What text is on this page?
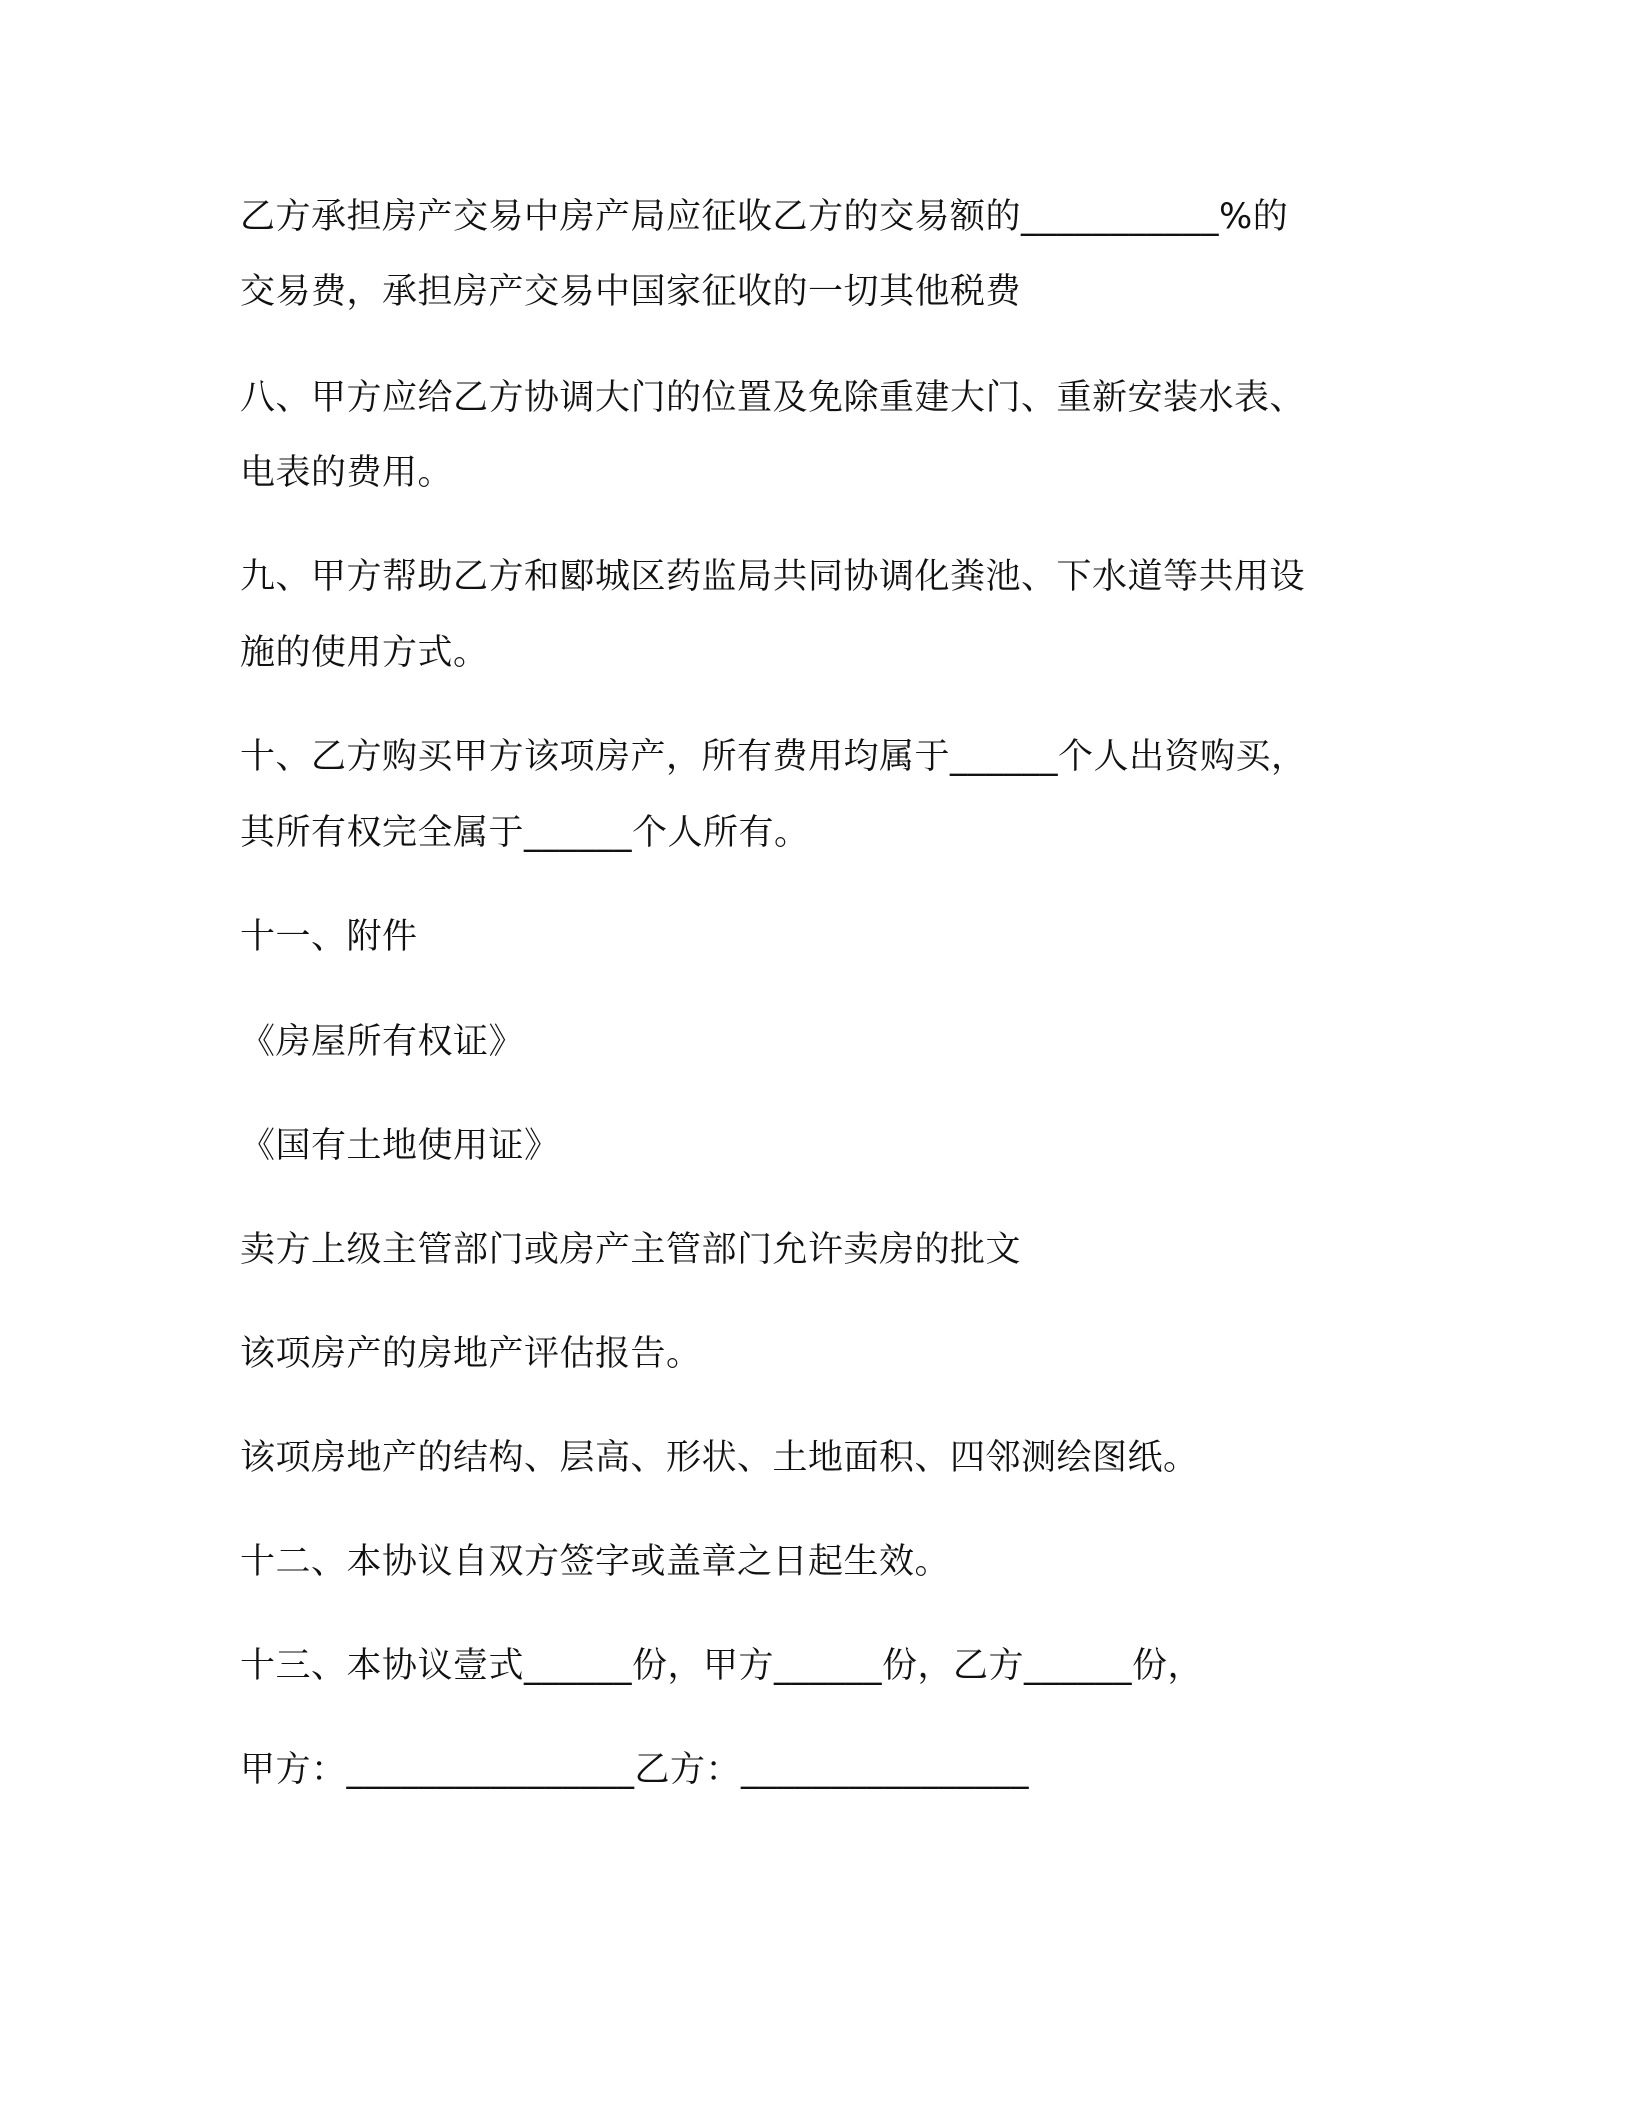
乙方承担房产交易中房产局应征收乙方的交易额的___________%的
交易费，承担房产交易中国家征收的一切其他税费
八、甲方应给乙方协调大门的位置及免除重建大门、重新安装水表、
电表的费用。
九、甲方帮助乙方和郾城区药监局共同协调化粪池、下水道等共用设
施的使用方式。
十、乙方购买甲方该项房产，所有费用均属于______个人出资购买，
其所有权完全属于______个人所有。
十一、附件
《房屋所有权证》
《国有土地使用证》
卖方上级主管部门或房产主管部门允许卖房的批文
该项房产的房地产评估报告。
该项房地产的结构、层高、形状、土地面积、四邻测绘图纸。
十二、本协议自双方签字或盖章之日起生效。
十三、本协议壹式______份，甲方______份，乙方______份，
甲方：________________乙方：________________
